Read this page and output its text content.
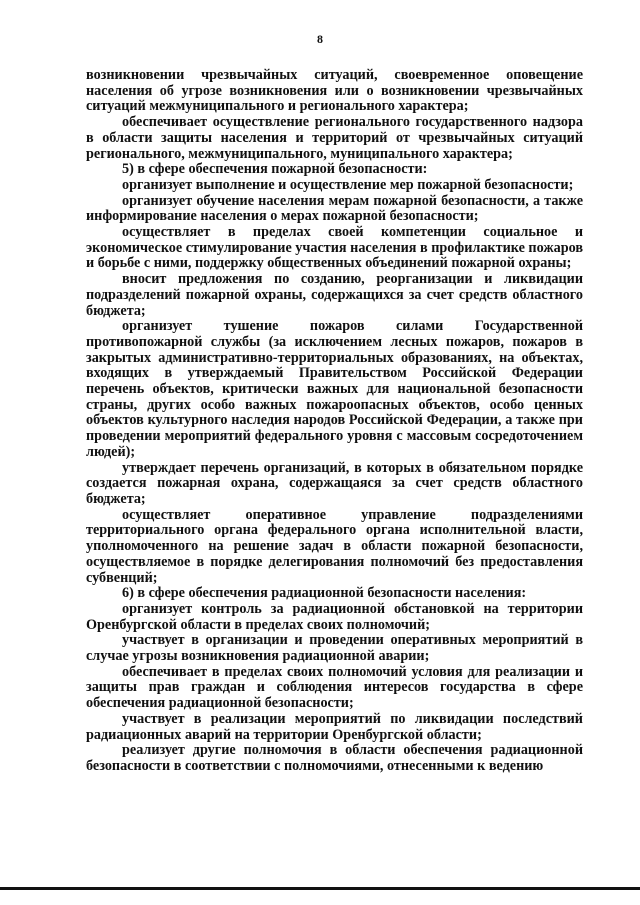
8

возникновении чрезвычайных ситуаций, своевременное оповещение населения об угрозе возникновения или о возникновении чрезвычайных ситуаций межмуниципального и регионального характера;

обеспечивает осуществление регионального государственного надзора в области защиты населения и территорий от чрезвычайных ситуаций регионального, межмуниципального, муниципального характера;

5) в сфере обеспечения пожарной безопасности:

организует выполнение и осуществление мер пожарной безопасности;

организует обучение населения мерам пожарной безопасности, а также информирование населения о мерах пожарной безопасности;

осуществляет в пределах своей компетенции социальное и экономическое стимулирование участия населения в профилактике пожаров и борьбе с ними, поддержку общественных объединений пожарной охраны;

вносит предложения по созданию, реорганизации и ликвидации подразделений пожарной охраны, содержащихся за счет средств областного бюджета;

организует тушение пожаров силами Государственной противопожарной службы (за исключением лесных пожаров, пожаров в закрытых административно-территориальных образованиях, на объектах, входящих в утверждаемый Правительством Российской Федерации перечень объектов, критически важных для национальной безопасности страны, других особо важных пожароопасных объектов, особо ценных объектов культурного наследия народов Российской Федерации, а также при проведении мероприятий федерального уровня с массовым сосредоточением людей);

утверждает перечень организаций, в которых в обязательном порядке создается пожарная охрана, содержащаяся за счет средств областного бюджета;

осуществляет оперативное управление подразделениями территориального органа федерального органа исполнительной власти, уполномоченного на решение задач в области пожарной безопасности, осуществляемое в порядке делегирования полномочий без предоставления субвенций;

6) в сфере обеспечения радиационной безопасности населения:

организует контроль за радиационной обстановкой на территории Оренбургской области в пределах своих полномочий;

участвует в организации и проведении оперативных мероприятий в случае угрозы возникновения радиационной аварии;

обеспечивает в пределах своих полномочий условия для реализации и защиты прав граждан и соблюдения интересов государства в сфере обеспечения радиационной безопасности;

участвует в реализации мероприятий по ликвидации последствий радиационных аварий на территории Оренбургской области;

реализует другие полномочия в области обеспечения радиационной безопасности в соответствии с полномочиями, отнесенными к ведению
